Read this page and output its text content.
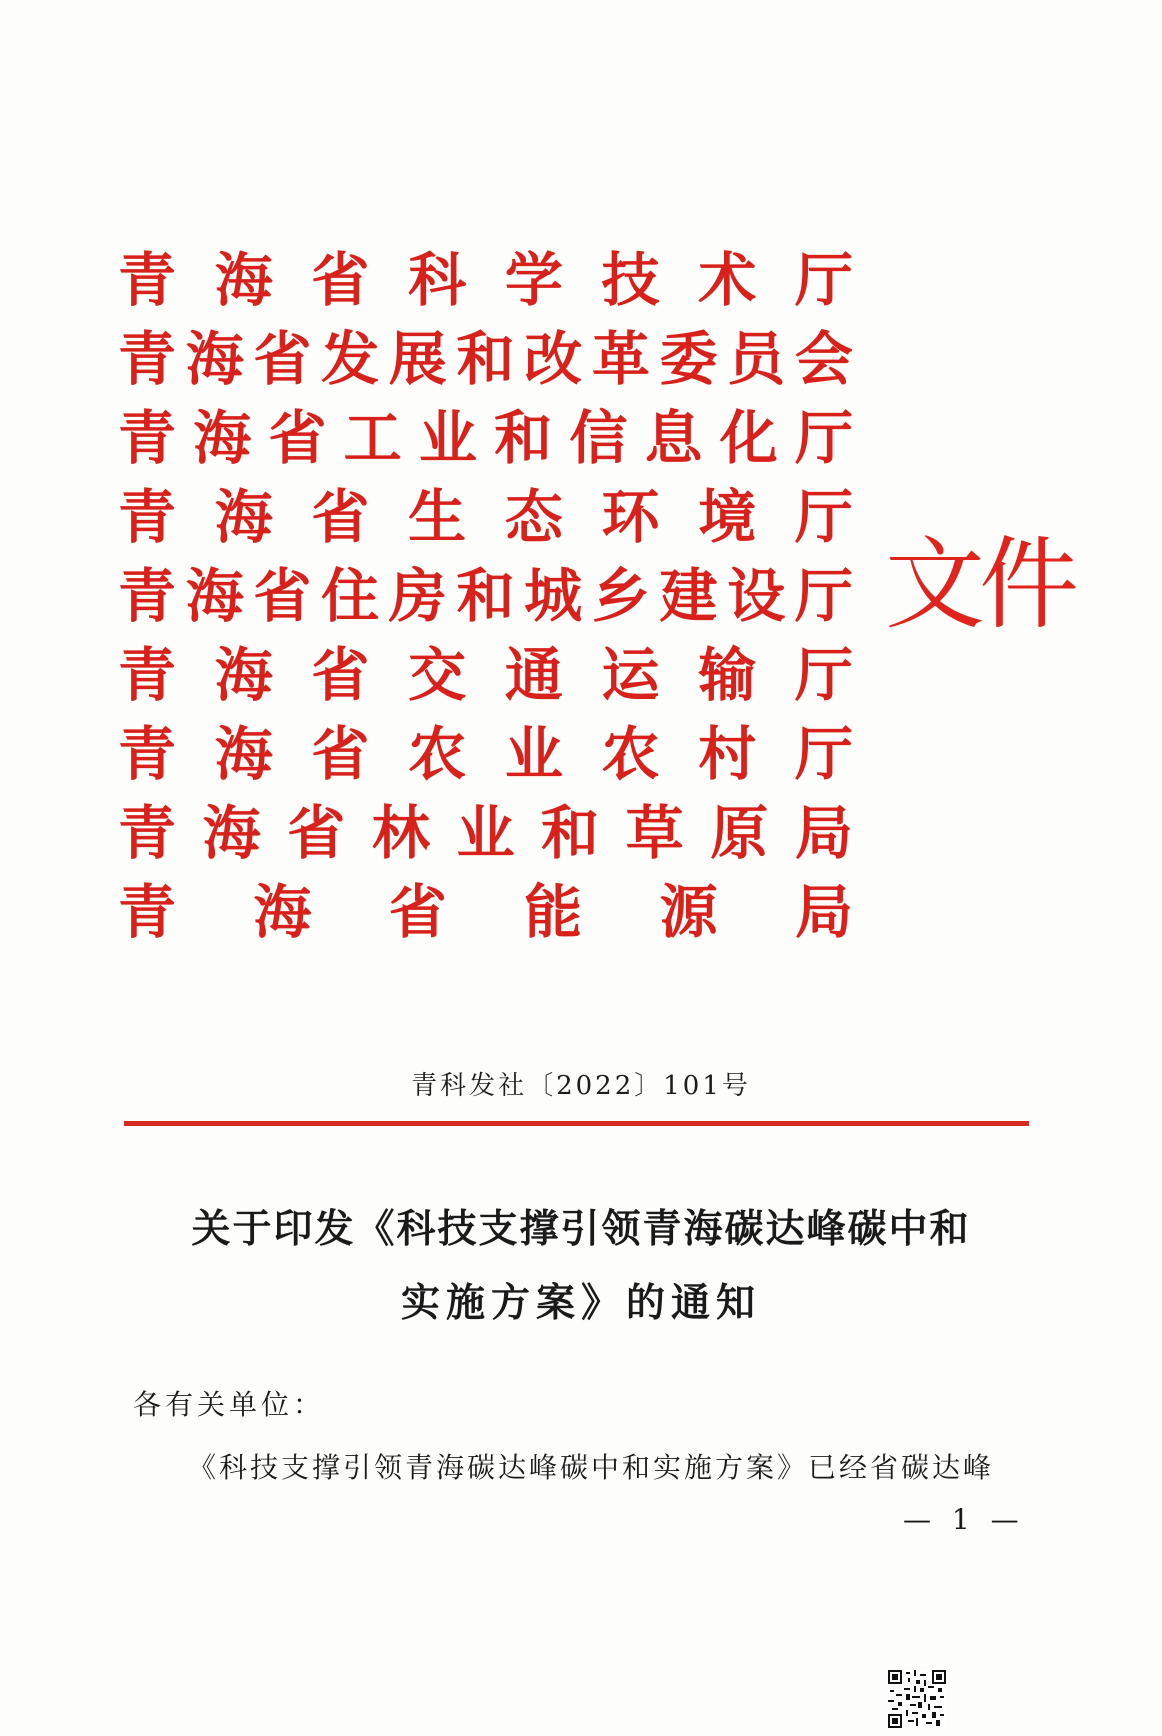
青 海 省 科 学 技 术 厅
青 海 省 发 展 和 改 革 委 员 会
青 海 省 工 业 和 信 息 化 厅
青 海 省 生 态 环 境 厅
青 海 省 住 房 和 城 乡 建 设 厅
青 海 省 交 通 运 输 厅
青 海 省 农 业 农 村 厅
青 海 省 林 业 和 草 原 局
青 海 省 能 源 局
文件
青科发社〔2022〕101号
关于印发《科技支撑引领青海碳达峰碳中和
实施方案》的通知
各有关单位：
《科技支撑引领青海碳达峰碳中和实施方案》已经省碳达峰
— 1 —
